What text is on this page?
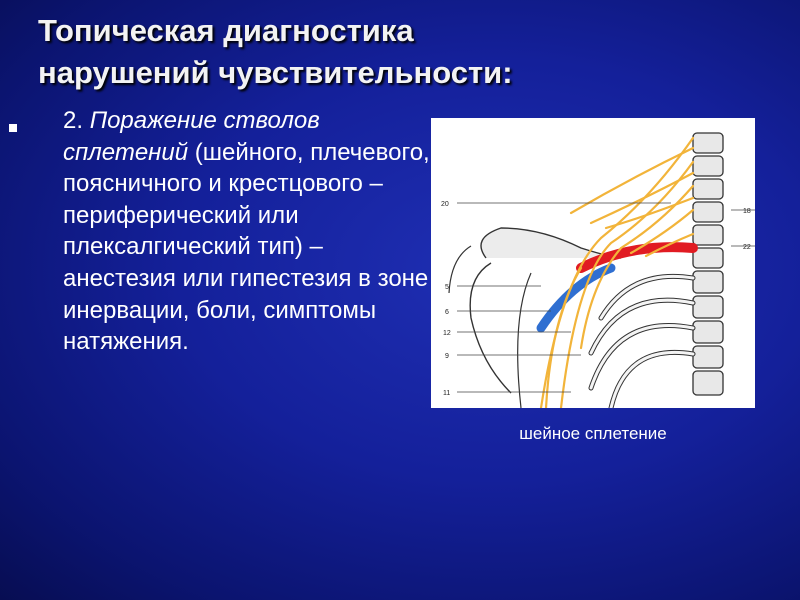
Топическая диагностика
нарушений чувствительности:
2. Поражение стволов сплетений (шейного, плечевого, поясничного и крестцового – периферический или плексалгический тип) – анестезия или гипестезия в зоне инервации, боли, симптомы натяжения.
20
18
22
5
6
12
9
11
шейное сплетение
